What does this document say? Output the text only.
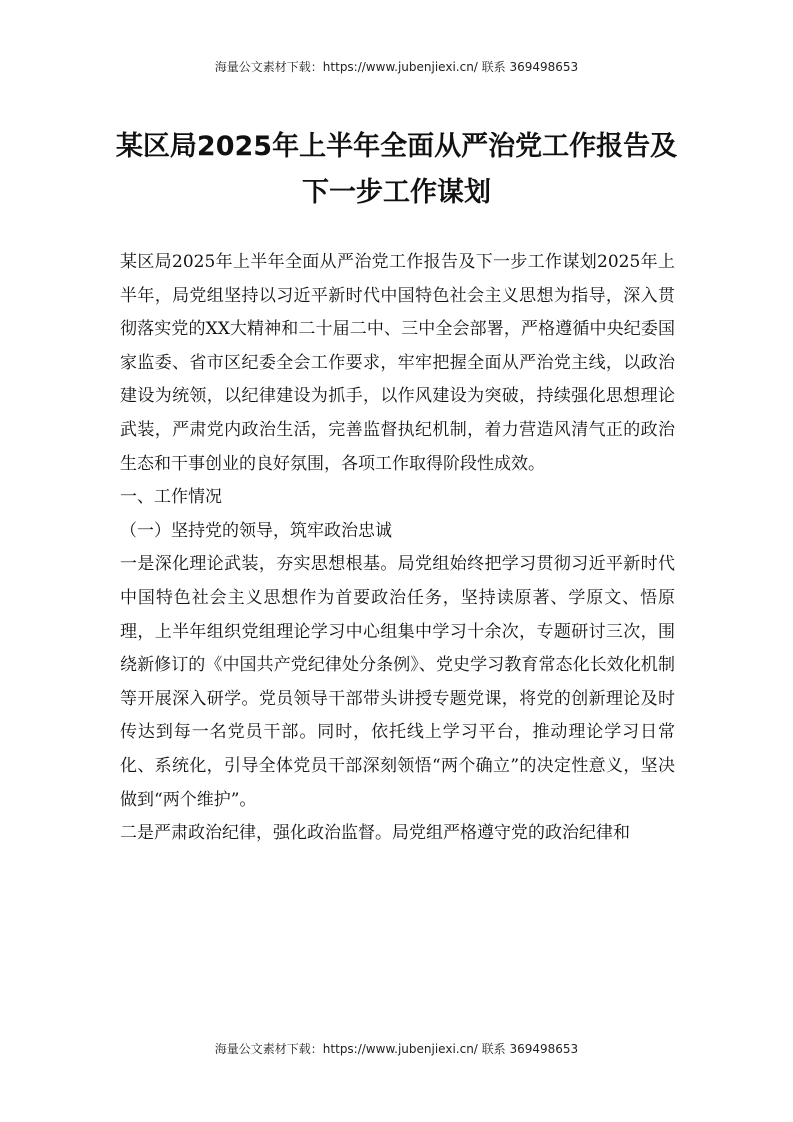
海量公文素材下载：https://www.jubenjiexi.cn/ 联系 369498653
某区局2025年上半年全面从严治党工作报告及下一步工作谋划

某区局2025年上半年全面从严治党工作报告及下一步工作谋划2025年上半年，局党组坚持以习近平新时代中国特色社会主义思想为指导，深入贯彻落实党的XX大精神和二十届二中、三中全会部署，严格遵循中央纪委国家监委、省市区纪委全会工作要求，牢牢把握全面从严治党主线，以政治建设为统领，以纪律建设为抓手，以作风建设为突破，持续强化思想理论武装，严肃党内政治生活，完善监督执纪机制，着力营造风清气正的政治生态和干事创业的良好氛围，各项工作取得阶段性成效。

一、工作情况

（一）坚持党的领导，筑牢政治忠诚

一是深化理论武装，夯实思想根基。局党组始终把学习贯彻习近平新时代中国特色社会主义思想作为首要政治任务，坚持读原著、学原文、悟原理，上半年组织党组理论学习中心组集中学习十余次，专题研讨三次，围绕新修订的《中国共产党纪律处分条例》、党史学习教育常态化长效化机制等开展深入研学。党员领导干部带头讲授专题党课，将党的创新理论及时传达到每一名党员干部。同时，依托线上学习平台，推动理论学习日常化、系统化，引导全体党员干部深刻领悟“两个确立”的决定性意义，坚决做到“两个维护”。

二是严肃政治纪律，强化政治监督。局党组严格遵守党的政治纪律和

海量公文素材下载：https://www.jubenjiexi.cn/ 联系 369498653
